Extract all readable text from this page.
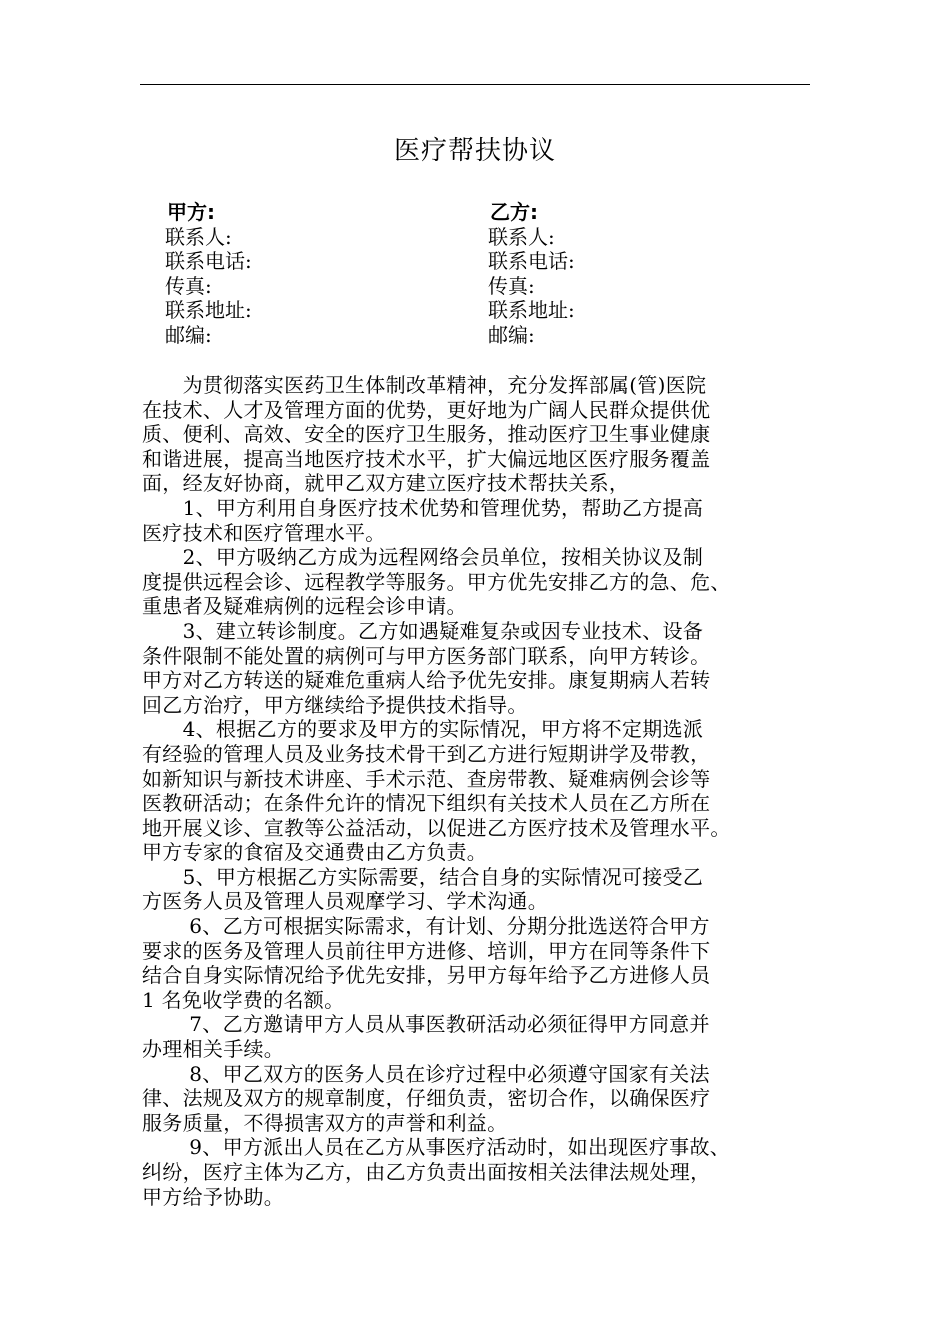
医疗帮扶协议
甲方:
联系人:
联系电话:
传真:
联系地址:
邮编:
乙方:
联系人:
联系电话:
传真:
联系地址:
邮编:
　　为贯彻落实医药卫生体制改革精神，充分发挥部属(管)医院
在技术、人才及管理方面的优势，更好地为广阔人民群众提供优
质、便利、高效、安全的医疗卫生服务，推动医疗卫生事业健康
和谐进展，提高当地医疗技术水平，扩大偏远地区医疗服务覆盖
面，经友好协商，就甲乙双方建立医疗技术帮扶关系，
　　1、甲方利用自身医疗技术优势和管理优势，帮助乙方提高
医疗技术和医疗管理水平。
　　2、甲方吸纳乙方成为远程网络会员单位，按相关协议及制
度提供远程会诊、远程教学等服务。甲方优先安排乙方的急、危、
重患者及疑难病例的远程会诊申请。
　　3、建立转诊制度。乙方如遇疑难复杂或因专业技术、设备
条件限制不能处置的病例可与甲方医务部门联系，向甲方转诊。
甲方对乙方转送的疑难危重病人给予优先安排。康复期病人若转
回乙方治疗，甲方继续给予提供技术指导。
　　4、根据乙方的要求及甲方的实际情况，甲方将不定期选派
有经验的管理人员及业务技术骨干到乙方进行短期讲学及带教，
如新知识与新技术讲座、手术示范、查房带教、疑难病例会诊等
医教研活动；在条件允许的情况下组织有关技术人员在乙方所在
地开展义诊、宣教等公益活动，以促进乙方医疗技术及管理水平。
甲方专家的食宿及交通费由乙方负责。
　　5、甲方根据乙方实际需要，结合自身的实际情况可接受乙
方医务人员及管理人员观摩学习、学术沟通。
　　 6、乙方可根据实际需求，有计划、分期分批选送符合甲方
要求的医务及管理人员前往甲方进修、培训，甲方在同等条件下
结合自身实际情况给予优先安排，另甲方每年给予乙方进修人员
1 名免收学费的名额。
　　 7、乙方邀请甲方人员从事医教研活动必须征得甲方同意并
办理相关手续。
　　 8、甲乙双方的医务人员在诊疗过程中必须遵守国家有关法
律、法规及双方的规章制度，仔细负责，密切合作，以确保医疗
服务质量，不得损害双方的声誉和利益。
　　 9、甲方派出人员在乙方从事医疗活动时，如出现医疗事故、
纠纷，医疗主体为乙方，由乙方负责出面按相关法律法规处理，
甲方给予协助。
